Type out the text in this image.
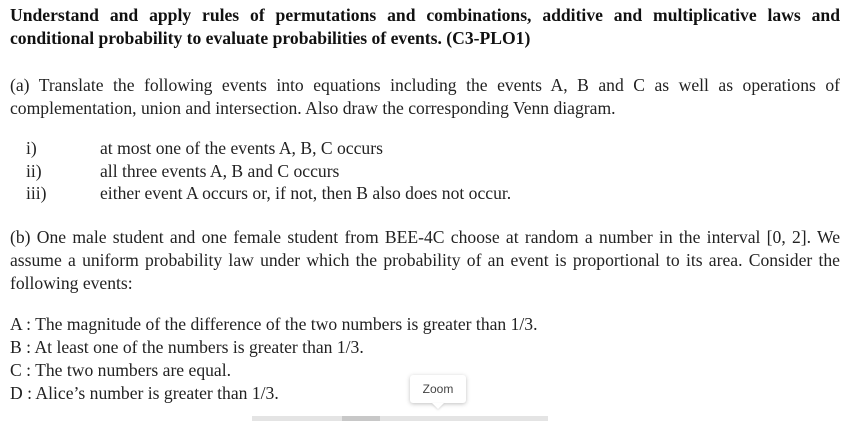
Understand and apply rules of permutations and combinations, additive and multiplicative laws and conditional probability to evaluate probabilities of events. (C3-PLO1)

(a) Translate the following events into equations including the events A, B and C as well as operations of complementation, union and intersection. Also draw the corresponding Venn diagram.

i)	at most one of the events A, B, C occurs
ii)	all three events A, B and C occurs
iii)	either event A occurs or, if not, then B also does not occur.

(b) One male student and one female student from BEE-4C choose at random a number in the interval [0, 2]. We assume a uniform probability law under which the probability of an event is proportional to its area. Consider the following events:

A : The magnitude of the difference of the two numbers is greater than 1/3.
B : At least one of the numbers is greater than 1/3.
C : The two numbers are equal.
D : Alice’s number is greater than 1/3.	Zoom
